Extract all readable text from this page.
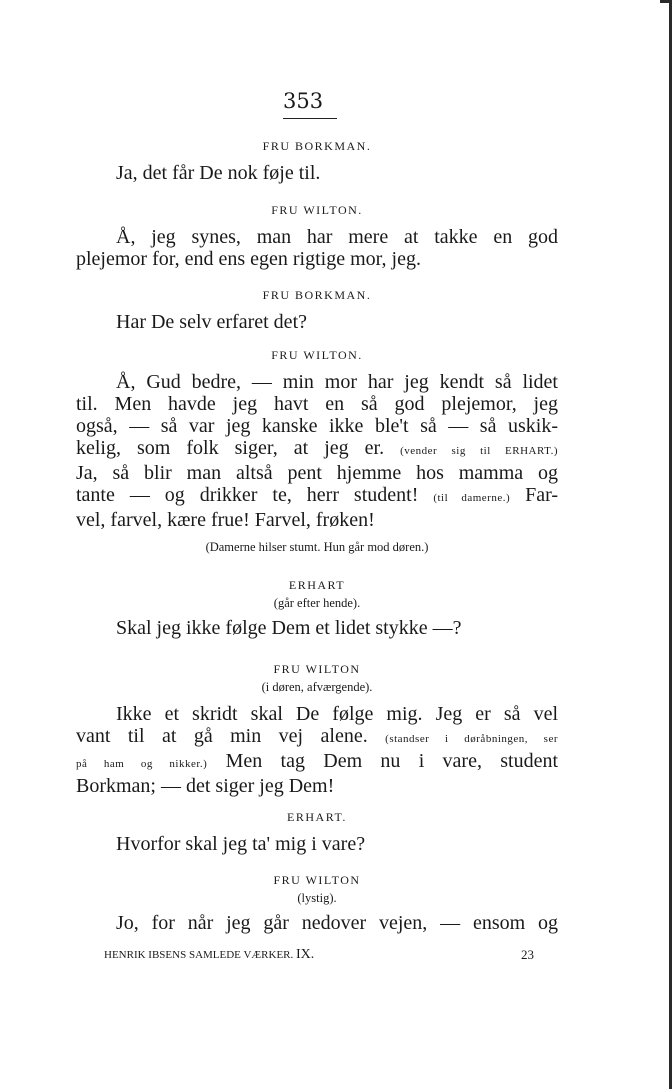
353
FRU BORKMAN.
Ja, det får De nok føje til.
FRU WILTON.
Å, jeg synes, man har mere at takke en god
plejemor for, end ens egen rigtige mor, jeg.
FRU BORKMAN.
Har De selv erfaret det?
FRU WILTON.
Å, Gud bedre, — min mor har jeg kendt så lidet
til. Men havde jeg havt en så god plejemor, jeg
også, — så var jeg kanske ikke ble't så — så uskik-
kelig, som folk siger, at jeg er. (vender sig til ERHART.)
Ja, så blir man altså pent hjemme hos mamma og
tante — og drikker te, herr student! (til damerne.) Far-
vel, farvel, kære frue! Farvel, frøken!
(Damerne hilser stumt. Hun går mod døren.)
ERHART
(går efter hende).
Skal jeg ikke følge Dem et lidet stykke —?
FRU WILTON
(i døren, afværgende).
Ikke et skridt skal De følge mig. Jeg er så vel
vant til at gå min vej alene. (standser i døråbningen, ser
på ham og nikker.) Men tag Dem nu i vare, student
Borkman; — det siger jeg Dem!
ERHART.
Hvorfor skal jeg ta' mig i vare?
FRU WILTON
(lystig).
Jo, for når jeg går nedover vejen, — ensom og
HENRIK IBSENS SAMLEDE VÆRKER. IX.	23
